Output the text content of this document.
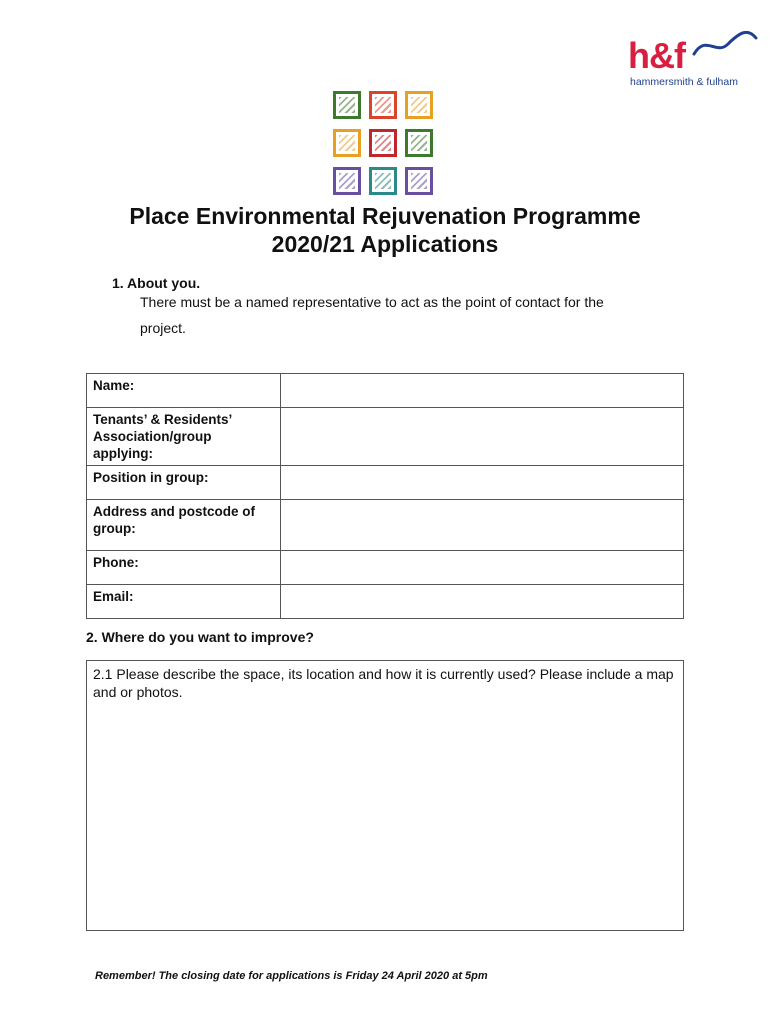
h&f
hammersmith & fulham
Place Environmental Rejuvenation Programme
2020/21 Applications
1. About you.
There must be a named representative to act as the point of contact for the
project.
Name:	
Tenants’ & Residents’ Association/group applying:	
Position in group:	
Address and postcode of group:	
Phone:	
Email:	
2. Where do you want to improve?
2.1 Please describe the space, its location and how it is currently used? Please include a map and or photos.
Remember! The closing date for applications is Friday 24 April 2020 at 5pm
